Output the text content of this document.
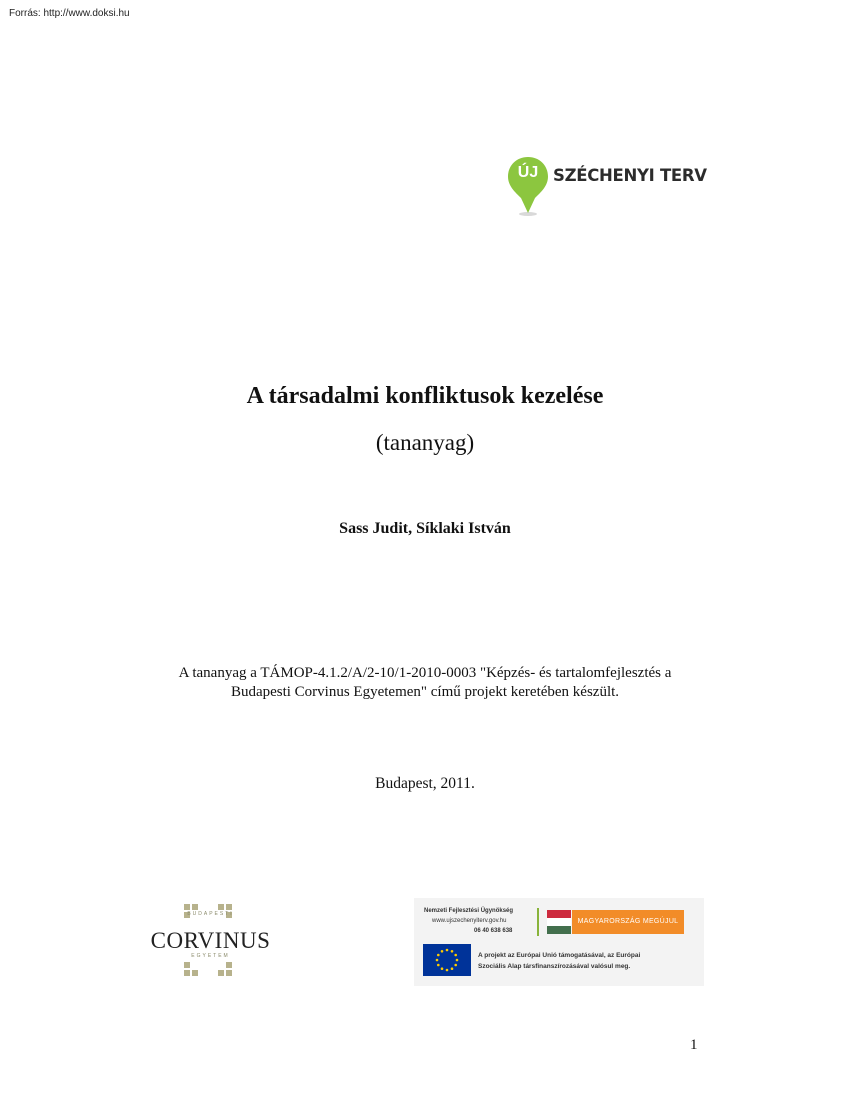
Forrás: http://www.doksi.hu
ÚJ SZÉCHENYI TERV
A társadalmi konfliktusok kezelése
(tananyag)
Sass Judit, Síklaki István
A tananyag a TÁMOP-4.1.2/A/2-10/1-2010-0003 "Képzés- és tartalomfejlesztés a
Budapesti Corvinus Egyetemen" című projekt keretében készült.
Budapest, 2011.
BUDAPESTI
CORVINUS
EGYETEM
Nemzeti Fejlesztési Ügynökség
www.ujszechenyiterv.gov.hu
06 40 638 638
MAGYARORSZÁG MEGÚJUL
A projekt az Európai Unió támogatásával, az Európai
Szociális Alap társfinanszírozásával valósul meg.
1
